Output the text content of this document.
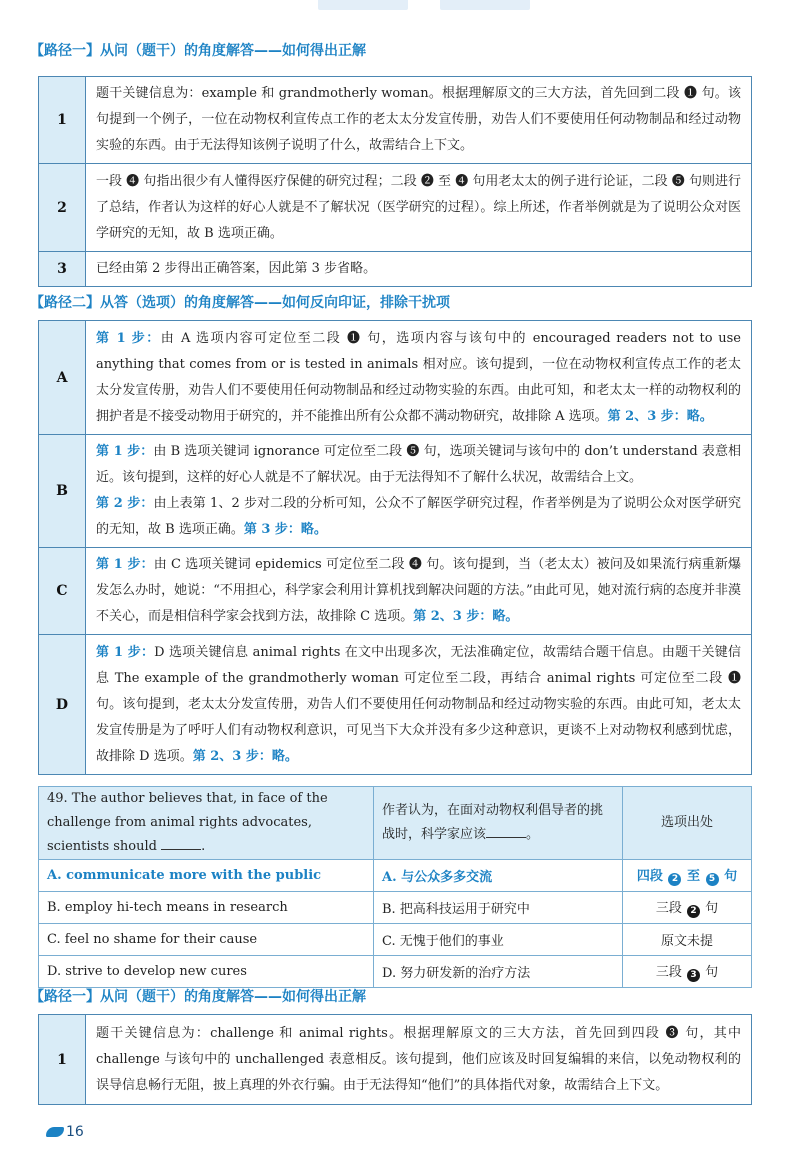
【路径一】从问（题干）的角度解答——如何得出正解
1	题干关键信息为：example 和 grandmotherly woman。根据理解原文的三大方法，首先回到二段 ❶ 句。该句提到一个例子，一位在动物权利宣传点工作的老太太分发宣传册，劝告人们不要使用任何动物制品和经过动物实验的东西。由于无法得知该例子说明了什么，故需结合上下文。
2	一段 ❹ 句指出很少有人懂得医疗保健的研究过程；二段 ❷ 至 ❹ 句用老太太的例子进行论证，二段 ❺ 句则进行了总结，作者认为这样的好心人就是不了解状况（医学研究的过程）。综上所述，作者举例就是为了说明公众对医学研究的无知，故 B 选项正确。
3	已经由第 2 步得出正确答案，因此第 3 步省略。
【路径二】从答（选项）的角度解答——如何反向印证，排除干扰项
A	第 1 步：由 A 选项内容可定位至二段 ❶ 句，选项内容与该句中的 encouraged readers not to use anything that comes from or is tested in animals 相对应。该句提到，一位在动物权利宣传点工作的老太太分发宣传册，劝告人们不要使用任何动物制品和经过动物实验的东西。由此可知，和老太太一样的动物权利的拥护者是不接受动物用于研究的，并不能推出所有公众都不满动物研究，故排除 A 选项。第 2、3 步：略。
B	第 1 步：由 B 选项关键词 ignorance 可定位至二段 ❺ 句，选项关键词与该句中的 don’t understand 表意相近。该句提到，这样的好心人就是不了解状况。由于无法得知不了解什么状况，故需结合上文。
第 2 步：由上表第 1、2 步对二段的分析可知，公众不了解医学研究过程，作者举例是为了说明公众对医学研究的无知，故 B 选项正确。第 3 步：略。
C	第 1 步：由 C 选项关键词 epidemics 可定位至二段 ❹ 句。该句提到，当（老太太）被问及如果流行病重新爆发怎么办时，她说：“不用担心，科学家会利用计算机找到解决问题的方法。”由此可见，她对流行病的态度并非漠不关心，而是相信科学家会找到方法，故排除 C 选项。第 2、3 步：略。
D	第 1 步：D 选项关键信息 animal rights 在文中出现多次，无法准确定位，故需结合题干信息。由题干关键信息 The example of the grandmotherly woman 可定位至二段，再结合 animal rights 可定位至二段 ❶ 句。该句提到，老太太分发宣传册，劝告人们不要使用任何动物制品和经过动物实验的东西。由此可知，老太太发宣传册是为了呼吁人们有动物权利意识，可见当下大众并没有多少这种意识，更谈不上对动物权利感到忧虑，故排除 D 选项。第 2、3 步：略。
49. The author believes that, in face of the challenge from animal rights advocates, scientists should .	作者认为，在面对动物权利倡导者的挑战时，科学家应该 。	选项出处
A. communicate more with the public	A. 与公众多多交流	四段 2 至 5 句
B. employ hi-tech means in research	B. 把高科技运用于研究中	三段 2 句
C. feel no shame for their cause	C. 无愧于他们的事业	原文未提
D. strive to develop new cures	D. 努力研发新的治疗方法	三段 3 句
【路径一】从问（题干）的角度解答——如何得出正解
1	题干关键信息为：challenge 和 animal rights。根据理解原文的三大方法，首先回到四段 ❸ 句，其中 challenge 与该句中的 unchallenged 表意相反。该句提到，他们应该及时回复编辑的来信，以免动物权利的误导信息畅行无阻，披上真理的外衣行骗。由于无法得知“他们”的具体指代对象，故需结合上下文。
16
